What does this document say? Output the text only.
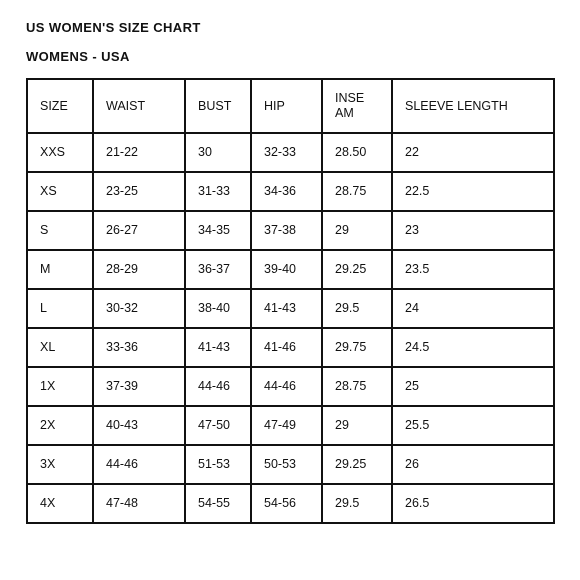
US WOMEN'S SIZE CHART
WOMENS - USA
SIZE	WAIST	BUST	HIP	INSEAM	SLEEVE LENGTH
XXS	21-22	30	32-33	28.50	22
XS	23-25	31-33	34-36	28.75	22.5
S	26-27	34-35	37-38	29	23
M	28-29	36-37	39-40	29.25	23.5
L	30-32	38-40	41-43	29.5	24
XL	33-36	41-43	41-46	29.75	24.5
1X	37-39	44-46	44-46	28.75	25
2X	40-43	47-50	47-49	29	25.5
3X	44-46	51-53	50-53	29.25	26
4X	47-48	54-55	54-56	29.5	26.5
